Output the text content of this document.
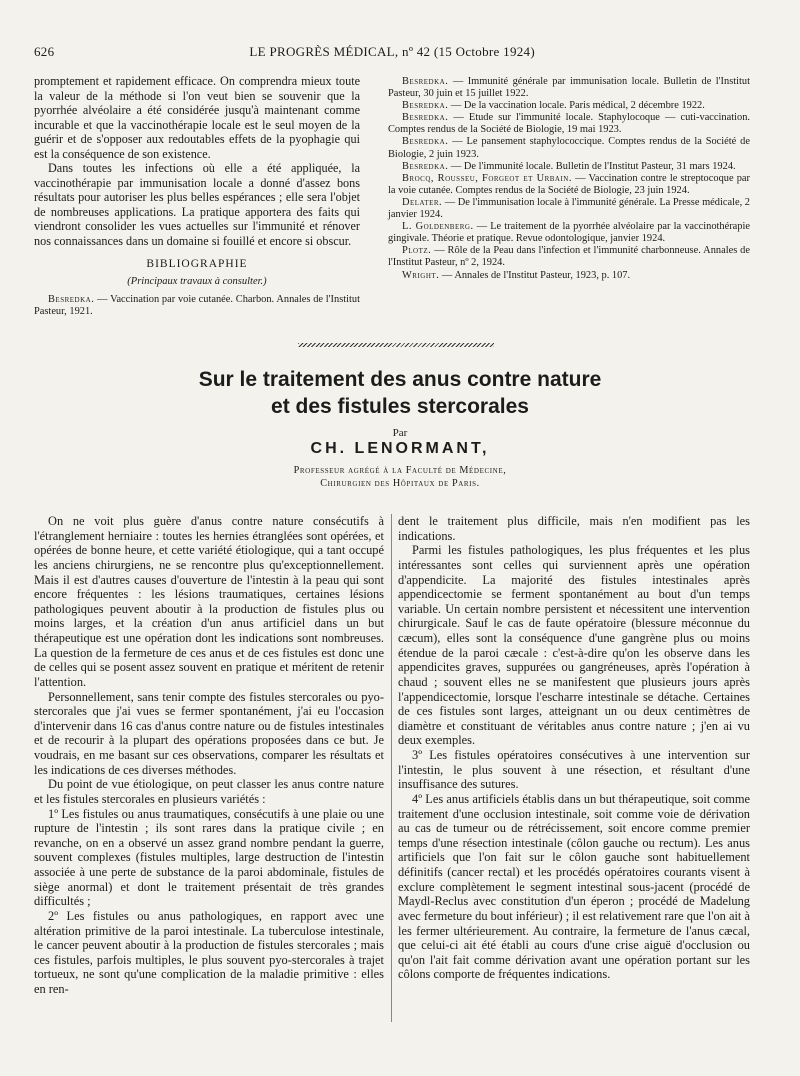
626	LE PROGRÈS MÉDICAL, nº 42 (15 Octobre 1924)

promptement et rapidement efficace. On comprendra mieux toute la valeur de la méthode si l'on veut bien se souvenir que la pyorrhée alvéolaire a été considérée jusqu'à maintenant comme incurable et que la vaccinothérapie locale est le seul moyen de la guérir et de s'opposer aux redoutables effets de la pyophagie qui est la conséquence de son existence.

Dans toutes les infections où elle a été appliquée, la vaccinothérapie par immunisation locale a donné d'assez bons résultats pour autoriser les plus belles espérances ; elle sera l'objet de nombreuses applications. La pratique apportera des faits qui viendront consolider les vues actuelles sur l'immunité et rénover nos connaissances dans un domaine si fouillé et encore si obscur.

BIBLIOGRAPHIE
(Principaux travaux à consulter.)

Besredka. — Vaccination par voie cutanée. Charbon. Annales de l'Institut Pasteur, 1921.

Besredka. — Immunité générale par immunisation locale. Bulletin de l'Institut Pasteur, 30 juin et 15 juillet 1922.

Besredka. — De la vaccination locale. Paris médical, 2 décembre 1922.

Besredka. — Etude sur l'immunité locale. Staphylocoque — cuti-vaccination. Comptes rendus de la Société de Biologie, 19 mai 1923.

Besredka. — Le pansement staphylococcique. Comptes rendus de la Société de Biologie, 2 juin 1923.

Besredka. — De l'immunité locale. Bulletin de l'Institut Pasteur, 31 mars 1924.

Brocq, Rousseu, Forgeot et Urbain. — Vaccination contre le streptocoque par la voie cutanée. Comptes rendus de la Société de Biologie, 23 juin 1924.

Delater. — De l'immunisation locale à l'immunité générale. La Presse médicale, 2 janvier 1924.

L. Goldenberg. — Le traitement de la pyorrhée alvéolaire par la vaccinothérapie gingivale. Théorie et pratique. Revue odontologique, janvier 1924.

Plotz. — Rôle de la Peau dans l'infection et l'immunité charbonneuse. Annales de l'Institut Pasteur, nº 2, 1924.

Wright. — Annales de l'Institut Pasteur, 1923, p. 107.

Sur le traitement des anus contre nature
et des fistules stercorales
Par
CH. LENORMANT,
Professeur agrégé à la Faculté de Médecine,
Chirurgien des Hôpitaux de Paris.

On ne voit plus guère d'anus contre nature consécutifs à l'étranglement herniaire : toutes les hernies étranglées sont opérées, et opérées de bonne heure, et cette variété étiologique, qui a tant occupé les anciens chirurgiens, ne se rencontre plus qu'exceptionnellement. Mais il est d'autres causes d'ouverture de l'intestin à la peau qui sont encore fréquentes : les lésions traumatiques, certaines lésions pathologiques peuvent aboutir à la production de fistules plus ou moins larges, et la création d'un anus artificiel dans un but thérapeutique est une opération dont les indications sont nombreuses. La question de la fermeture de ces anus et de ces fistules est donc une de celles qui se posent assez souvent en pratique et méritent de retenir l'attention.

Personnellement, sans tenir compte des fistules stercorales ou pyo-stercorales que j'ai vues se fermer spontanément, j'ai eu l'occasion d'intervenir dans 16 cas d'anus contre nature ou de fistules intestinales et de recourir à la plupart des opérations proposées dans ce but. Je voudrais, en me basant sur ces observations, comparer les résultats et les indications de ces diverses méthodes.

Du point de vue étiologique, on peut classer les anus contre nature et les fistules stercorales en plusieurs variétés :

1º Les fistules ou anus traumatiques, consécutifs à une plaie ou une rupture de l'intestin ; ils sont rares dans la pratique civile ; en revanche, on en a observé un assez grand nombre pendant la guerre, souvent complexes (fistules multiples, large destruction de l'intestin associée à une perte de substance de la paroi abdominale, fistules de siège anormal) et dont le traitement présentait de très grandes difficultés ;

2º Les fistules ou anus pathologiques, en rapport avec une altération primitive de la paroi intestinale. La tuberculose intestinale, le cancer peuvent aboutir à la production de fistules stercorales ; mais ces fistules, parfois multiples, le plus souvent pyo-stercorales à trajet tortueux, ne sont qu'une complication de la maladie primitive : elles en ren-

dent le traitement plus difficile, mais n'en modifient pas les indications.

Parmi les fistules pathologiques, les plus fréquentes et les plus intéressantes sont celles qui surviennent après une opération d'appendicite. La majorité des fistules intestinales après appendicectomie se ferment spontanément au bout d'un temps variable. Un certain nombre persistent et nécessitent une intervention chirurgicale. Sauf le cas de faute opératoire (blessure méconnue du cæcum), elles sont la conséquence d'une gangrène plus ou moins étendue de la paroi cæcale : c'est-à-dire qu'on les observe dans les appendicites graves, suppurées ou gangréneuses, après l'opération à chaud ; souvent elles ne se manifestent que plusieurs jours après l'appendicectomie, lorsque l'escharre intestinale se détache. Certaines de ces fistules sont larges, atteignant un ou deux centimètres de diamètre et constituant de véritables anus contre nature ; j'en ai vu deux exemples.

3º Les fistules opératoires consécutives à une intervention sur l'intestin, le plus souvent à une résection, et résultant d'une insuffisance des sutures.

4º Les anus artificiels établis dans un but thérapeutique, soit comme traitement d'une occlusion intestinale, soit comme voie de dérivation au cas de tumeur ou de rétrécissement, soit encore comme premier temps d'une résection intestinale (côlon gauche ou rectum). Les anus artificiels que l'on fait sur le côlon gauche sont habituellement définitifs (cancer rectal) et les procédés opératoires courants visent à exclure complètement le segment intestinal sous-jacent (procédé de Maydl-Reclus avec constitution d'un éperon ; procédé de Madelung avec fermeture du bout inférieur) ; il est relativement rare que l'on ait à les fermer ultérieurement. Au contraire, la fermeture de l'anus cæcal, que celui-ci ait été établi au cours d'une crise aiguë d'occlusion ou qu'on l'ait fait comme dérivation avant une opération portant sur les côlons comporte de fréquentes indications.
